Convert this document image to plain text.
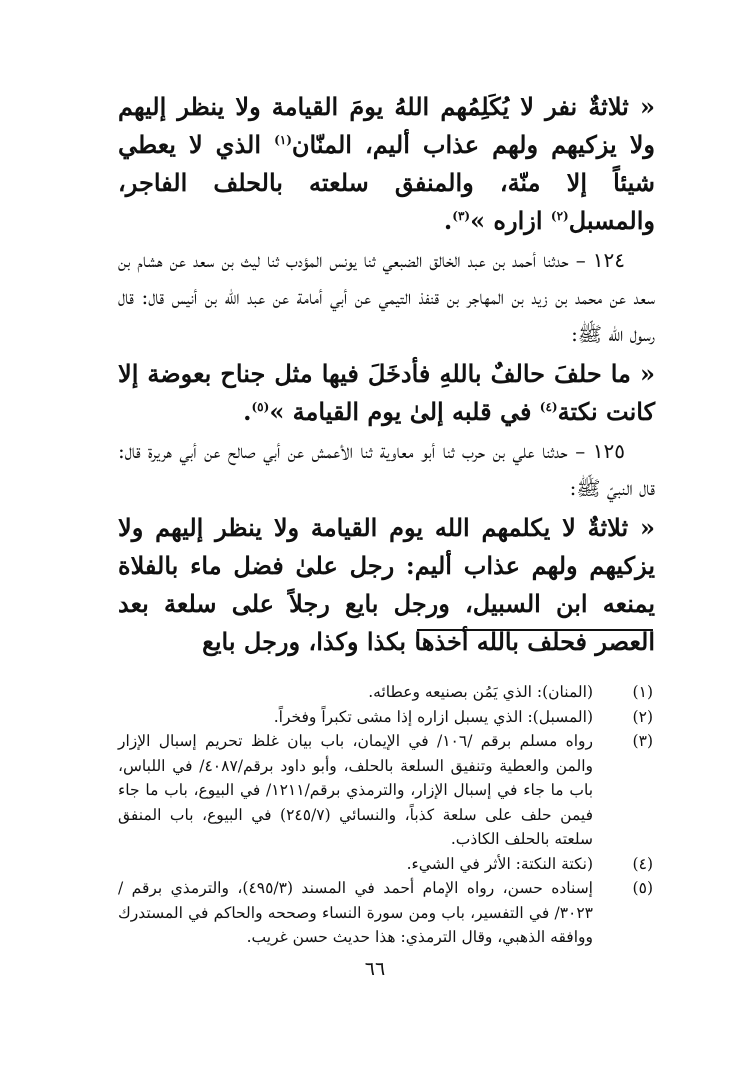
« ثلاثةٌ نفر لا يُكَلِمُهم اللهُ يومَ القيامة ولا ينظر إليهم ولا يزكيهم ولهم عذاب أليم، المنّان$^{(١)}$ الذي لا يعطي شيئاً إلا منّة، والمنفق سلعته بالحلف الفاجر، والمسبل$^{(٢)}$ ازاره »$^{(٣)}$.

١٢٤ – حدثنا أحمد بن عبد الخالق الضبعي ثنا يونس المؤدب ثنا ليث بن سعد عن هشام بن سعد عن محمد بن زيد بن المهاجر بن قنفذ التيمي عن أبي أمامة عن عبد الله بن أنيس قال: قال رسول الله ﷺ:

« ما حلفَ حالفٌ باللهِ فأدخَلَ فيها مثل جناح بعوضة إلا كانت نكتة$^{(٤)}$ في قلبه إلىٰ يوم القيامة »$^{(٥)}$.

١٢٥ – حدثنا علي بن حرب ثنا أبو معاوية ثنا الأعمش عن أبي صالح عن أبي هريرة قال: قال النبيّ ﷺ:

« ثلاثةٌ لا يكلمهم الله يوم القيامة ولا ينظر إليهم ولا يزكيهم ولهم عذاب أليم: رجل علىٰ فضل ماء بالفلاة يمنعه ابن السبيل، ورجل بايع رجلاً على سلعة بعد العصر فحلف بالله أخذها بكذا وكذا، ورجل بايع

(١)
(المنان): الذي يَمُن بصنيعه وعطائه.
(٢)
(المسبل): الذي يسبل ازاره إذا مشى تكبراً وفخراً.
(٣)
رواه مسلم برقم /١٠٦/ في الإيمان، باب بيان غلظ تحريم إسبال الإزار والمن والعطية وتنفيق السلعة بالحلف، وأبو داود برقم/٤٠٨٧/ في اللباس، باب ما جاء في إسبال الإزار، والترمذي برقم/١٢١١/ في البيوع، باب ما جاء فيمن حلف على سلعة كذباً، والنسائي (٢٤٥/٧) في البيوع، باب المنفق سلعته بالحلف الكاذب.
(٤)
(نكتة النكتة: الأثر في الشيء.
(٥)
إسناده حسن، رواه الإمام أحمد في المسند (٤٩٥/٣)، والترمذي برقم /٣٠٢٣/ في التفسير، باب ومن سورة النساء وصححه والحاكم في المستدرك ووافقه الذهبي، وقال الترمذي: هذا حديث حسن غريب.
٦٦
